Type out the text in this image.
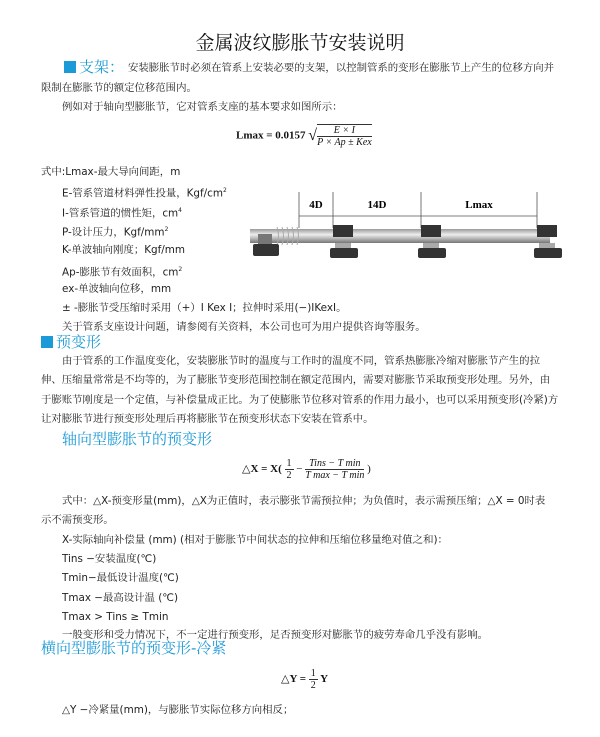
金属波纹膨胀节安装说明
支架： 安装膨胀节时必须在管系上安装必要的支架，以控制管系的变形在膨胀节上产生的位移方向并
限制在膨胀节的额定位移范围内。
例如对于轴向型膨胀节，它对管系支座的基本要求如图所示：
Lmax = 0.0157 √ $\frac{E \times I}{\text{P × Ap ± Kex}}$
式中:Lmax-最大导向间距，m
E-管系管道材料弹性投量，Kgf/$cm^2$
I-管系管道的惯性矩，$cm^4$
P-设计压力，Kgf/$mm^2$
K-单波轴向刚度；Kgf/mm
Ap-膨胀节有效面积，$cm^2$
ex-单波轴向位移，mm
± -膨胀节受压缩时采用（+）I Kex I；拉伸时采用(−)IKexI。
关于管系支座设计问题，请参阅有关资料，本公司也可为用户提供咨询等服务。
4D	14D	Lmax
预变形
由于管系的工作温度变化，安装膨胀节时的温度与工作时的温度不同，管系热膨胀冷缩对膨胀节产生的拉
伸、压缩量常常是不均等的，为了膨胀节变形范围控制在额定范围内，需要对膨胀节采取预变形处理。另外，由
于膨账节刚度是一个定值，与补偿量成正比。为了使膨胀节位移对管系的作用力最小，也可以采用预变形(冷紧)方
让对膨胀节进行预变形处理后再将膨胀节在预变形状态下安装在管系中。
轴向型膨胀节的预变形
△X = $X( \frac{1}{2} - \frac{\text{Tins − T min}}{\text{T max − T min}}$ )
式中：△X-预变形量(mm)，△X为正值时，表示膨张节需预拉伸；为负值时，表示需预压缩；△X = 0时表
示不需预变形。
X-实际轴向补偿量 (mm) (相对于膨胀节中间状态的拉伸和压缩位移量绝对值之和)：
Tins −安装温度(℃)
Tmin−最低设计温度(℃)
Tmax −最高设计温 (℃)
Tmax > Tins ≥ Tmin
一般变形和受力情况下，不一定进行预变形，足否预变形对膨胀节的疲劳寿命几乎没有影响。
横向型膨胀节的预变形-冷紧
△Y = $\frac{1}{2}$ Y
△Y −冷紧量(mm)，与膨胀节实际位移方向相反；
